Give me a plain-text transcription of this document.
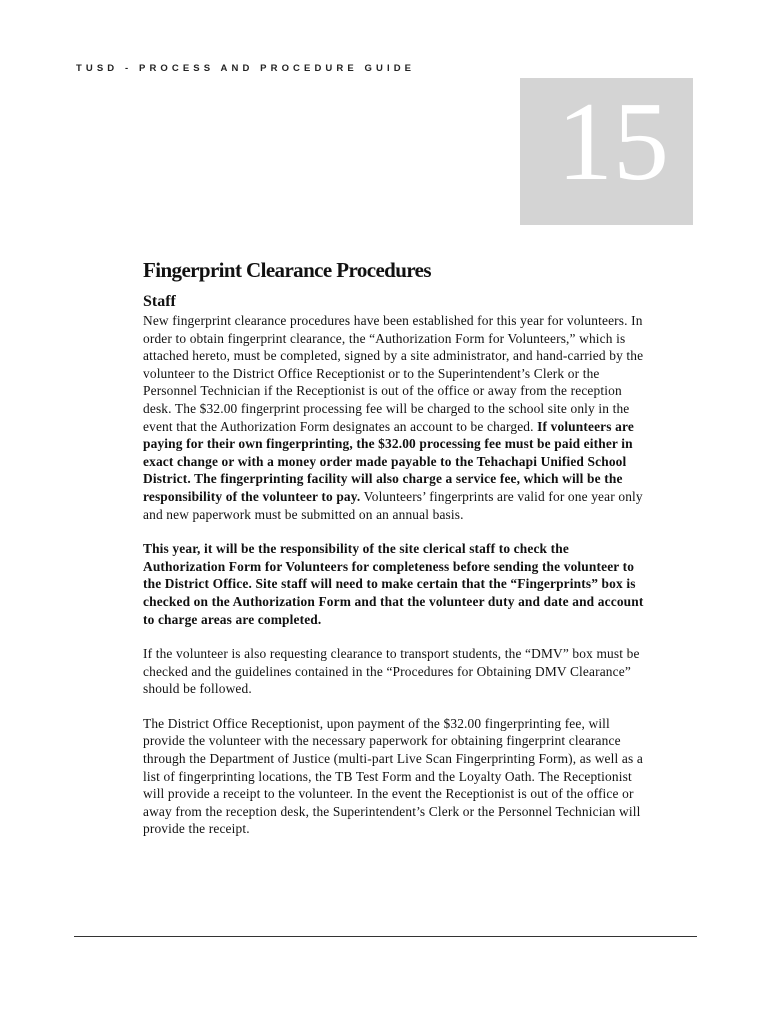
TUSD - PROCESS AND PROCEDURE GUIDE
15
Fingerprint Clearance Procedures
Staff

New fingerprint clearance procedures have been established for this year for volunteers. In order to obtain fingerprint clearance, the “Authorization Form for Volunteers,” which is attached hereto, must be completed, signed by a site administrator, and hand-carried by the volunteer to the District Office Receptionist or to the Superintendent’s Clerk or the Personnel Technician if the Receptionist is out of the office or away from the reception desk. The $32.00 fingerprint processing fee will be charged to the school site only in the event that the Authorization Form designates an account to be charged. If volunteers are paying for their own fingerprinting, the $32.00 processing fee must be paid either in exact change or with a money order made payable to the Tehachapi Unified School District. The fingerprinting facility will also charge a service fee, which will be the responsibility of the volunteer to pay. Volunteers’ fingerprints are valid for one year only and new paperwork must be submitted on an annual basis.

This year, it will be the responsibility of the site clerical staff to check the Authorization Form for Volunteers for completeness before sending the volunteer to the District Office. Site staff will need to make certain that the “Fingerprints” box is checked on the Authorization Form and that the volunteer duty and date and account to charge areas are completed.

If the volunteer is also requesting clearance to transport students, the “DMV” box must be checked and the guidelines contained in the “Procedures for Obtaining DMV Clearance” should be followed.

The District Office Receptionist, upon payment of the $32.00 fingerprinting fee, will provide the volunteer with the necessary paperwork for obtaining fingerprint clearance through the Department of Justice (multi-part Live Scan Fingerprinting Form), as well as a list of fingerprinting locations, the TB Test Form and the Loyalty Oath. The Receptionist will provide a receipt to the volunteer. In the event the Receptionist is out of the office or away from the reception desk, the Superintendent’s Clerk or the Personnel Technician will provide the receipt.
